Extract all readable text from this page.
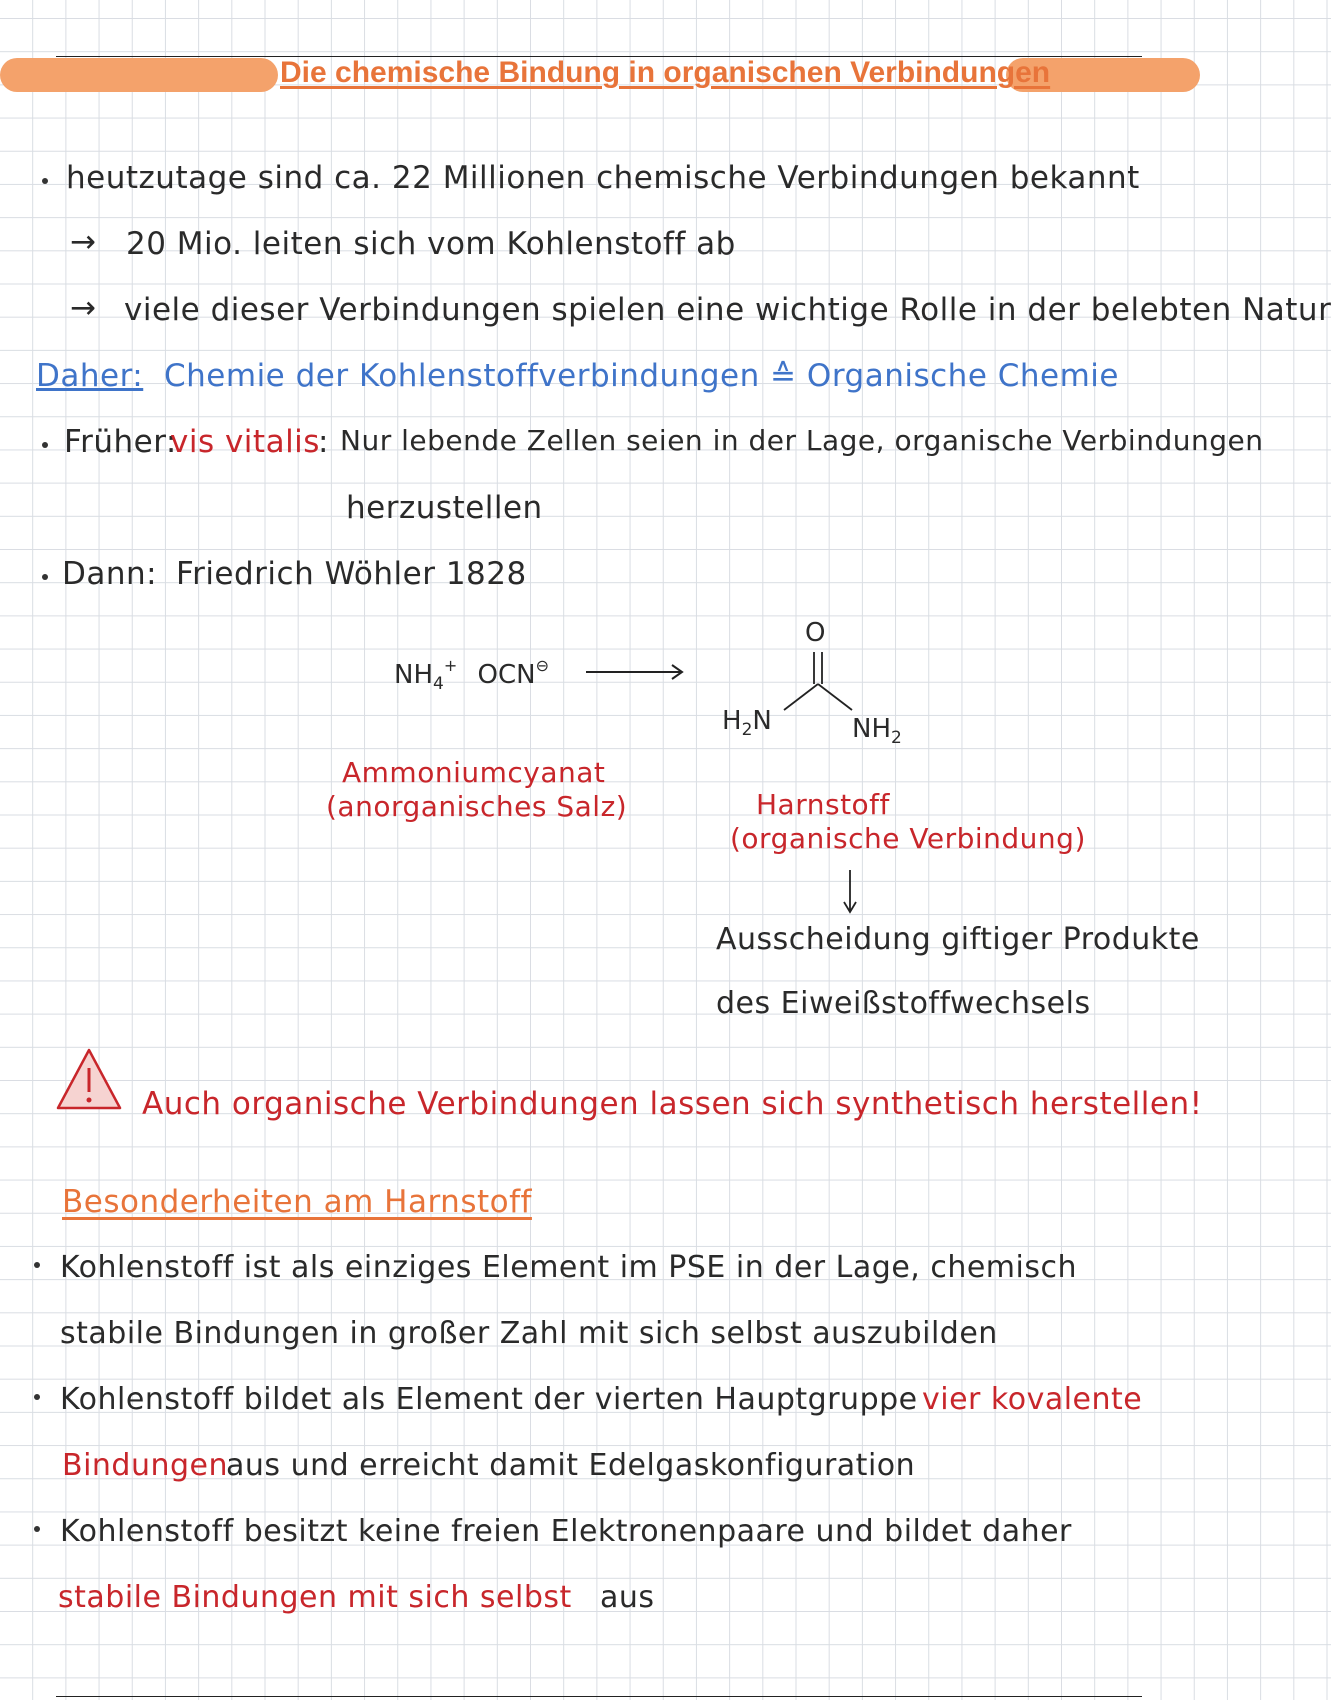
Die chemische Bindung in organischen Verbindungen
heutzutage sind ca. 22 Millionen chemische Verbindungen bekannt
→ 20 Mio. leiten sich vom Kohlenstoff ab
→ viele dieser Verbindungen spielen eine wichtige Rolle in der belebten Natur
Daher: Chemie der Kohlenstoffverbindungen ≙ Organische Chemie
Früher:
vis vitalis
: Nur lebende Zellen seien in der Lage, organische Verbindungen
herzustellen
Dann: Friedrich Wöhler 1828
$NH_4^+$ OCN⊖
O
$H_2N$	$NH_2$
Ammoniumcyanat
(anorganisches Salz)	Harnstoff
(organische Verbindung)
Ausscheidung giftiger Produkte
des Eiweißstoffwechsels
Auch organische Verbindungen lassen sich synthetisch herstellen!
Besonderheiten am Harnstoff
Kohlenstoff ist als einziges Element im PSE in der Lage, chemisch
stabile Bindungen in großer Zahl mit sich selbst auszubilden
Kohlenstoff bildet als Element der vierten Hauptgruppe vier kovalente
Bindungen
aus und erreicht damit Edelgaskonfiguration
Kohlenstoff besitzt keine freien Elektronenpaare und bildet daher
stabile Bindungen mit sich selbst aus
